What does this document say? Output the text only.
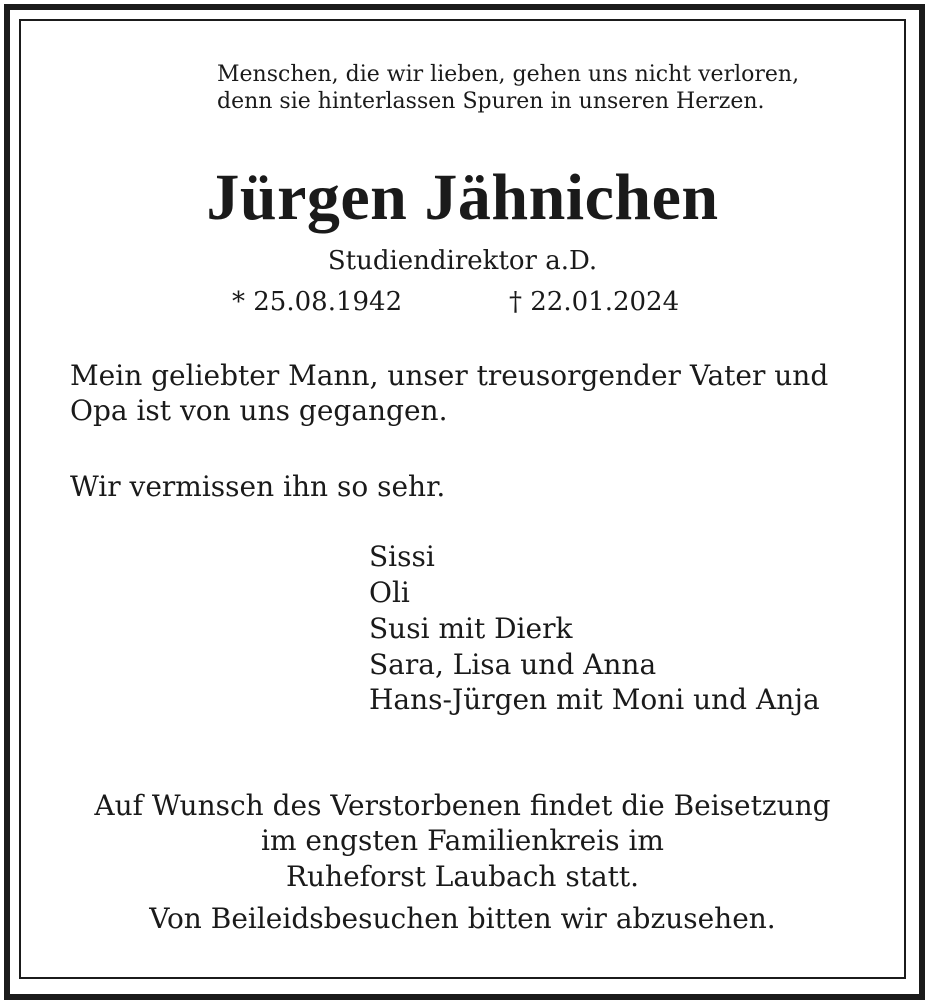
Menschen, die wir lieben, gehen uns nicht verloren,

denn sie hinterlassen Spuren in unseren Herzen.

Jürgen Jähnichen

Studiendirektor a.D.

* 25.08.1942	† 22.01.2024

Mein geliebter Mann, unser treusorgender Vater und

Opa ist von uns gegangen.

Wir vermissen ihn so sehr.

Sissi

Oli

Susi mit Dierk

Sara, Lisa und Anna

Hans-Jürgen mit Moni und Anja

Auf Wunsch des Verstorbenen findet die Beisetzung

im engsten Familienkreis im

Ruheforst Laubach statt.

Von Beileidsbesuchen bitten wir abzusehen.
